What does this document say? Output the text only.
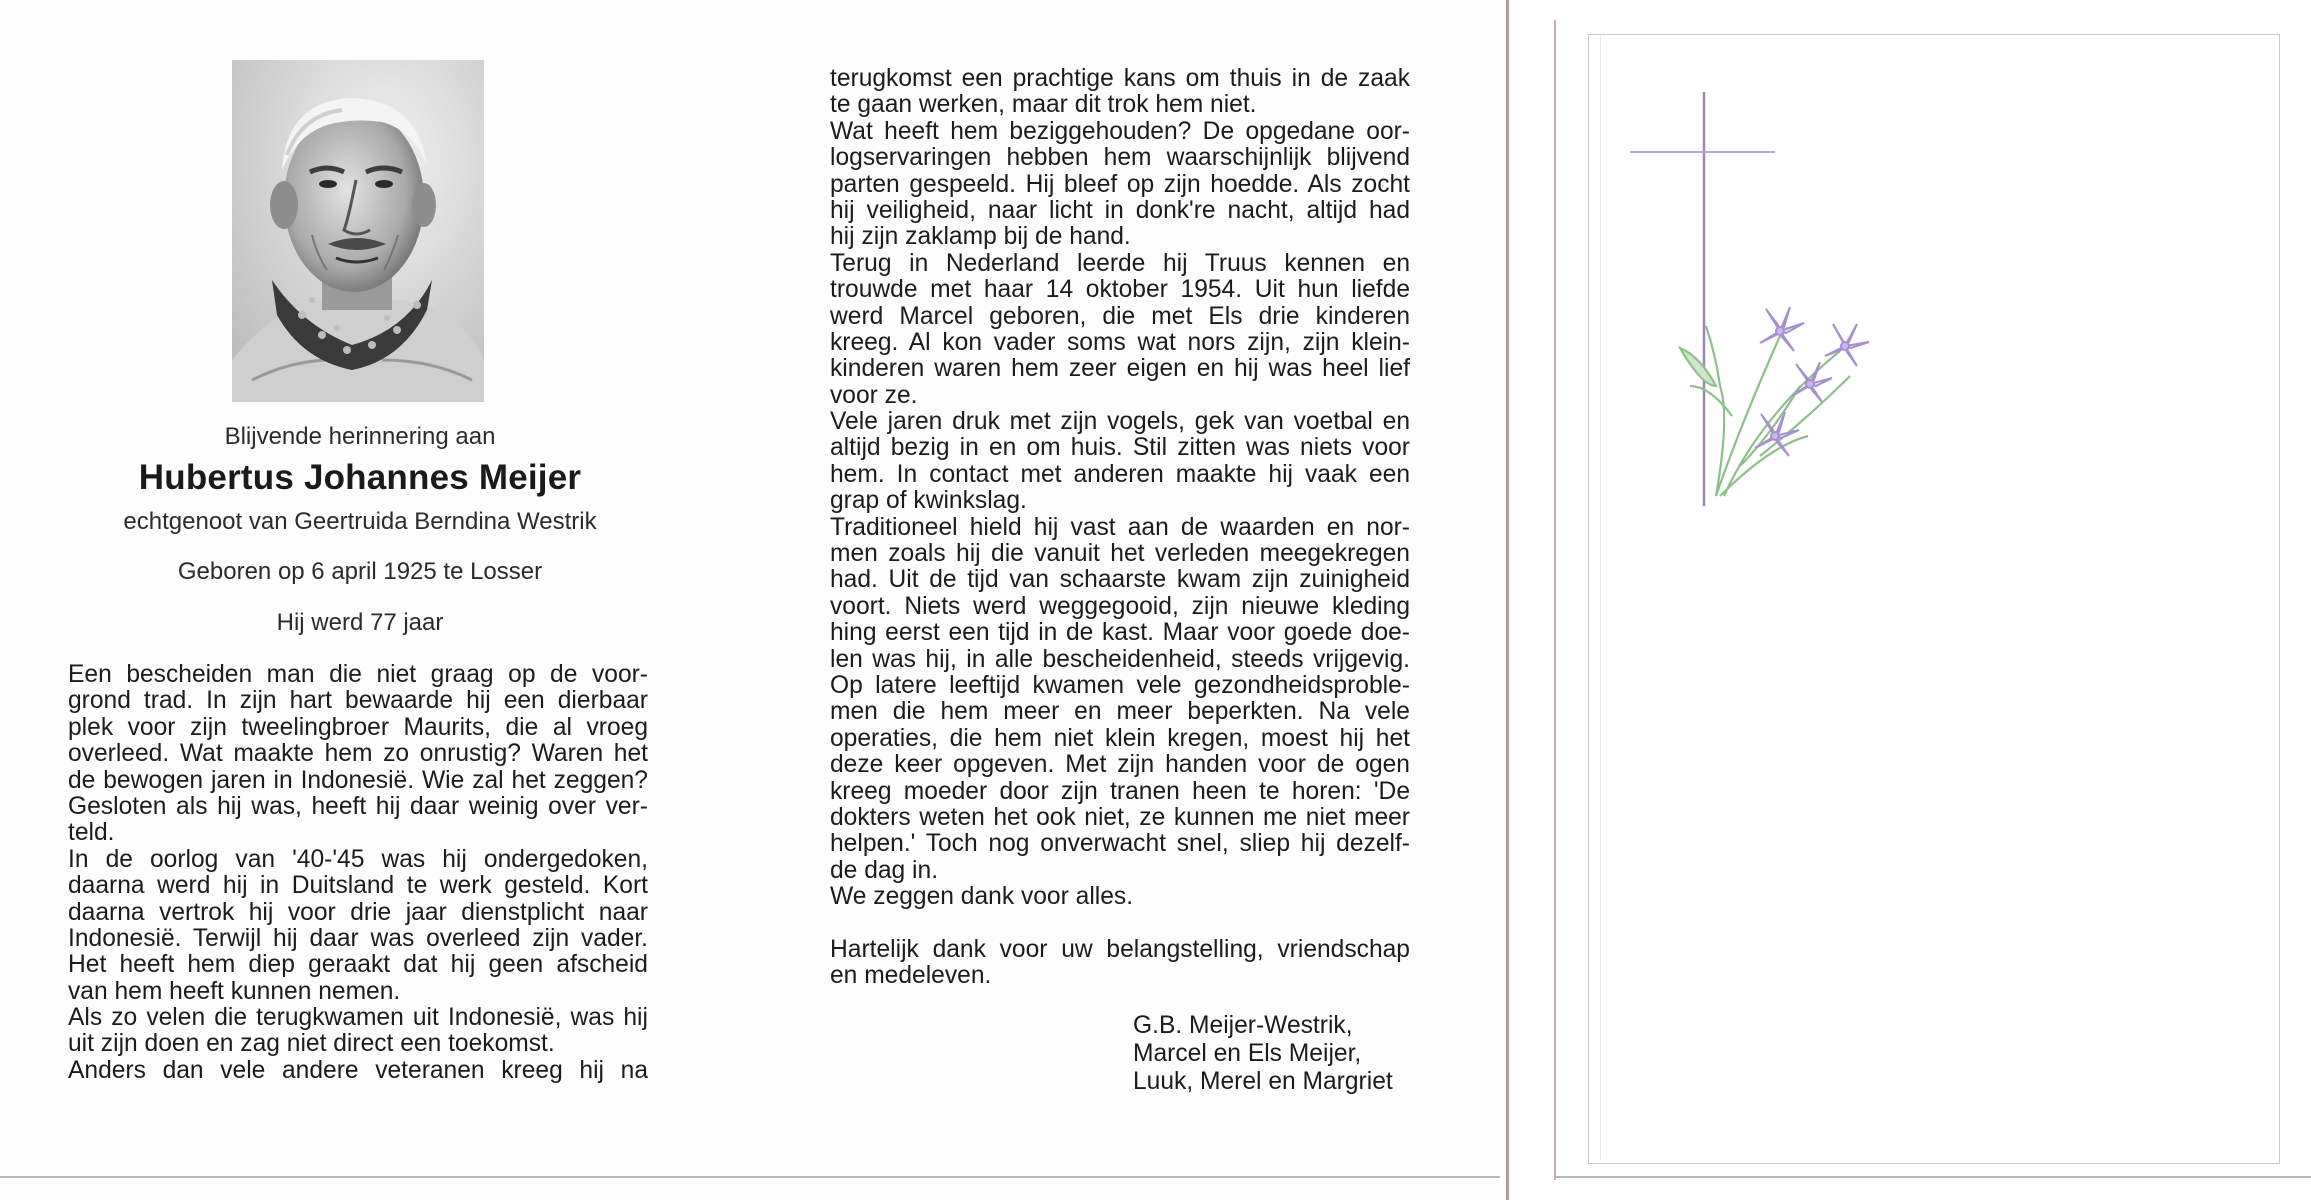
Blijvende herinnering aan
Hubertus Johannes Meijer
echtgenoot van Geertruida Berndina Westrik
Geboren op 6 april 1925 te Losser
Hij werd 77 jaar
Een bescheiden man die niet graag op de voor-
grond trad. In zijn hart bewaarde hij een dierbaar
plek voor zijn tweelingbroer Maurits, die al vroeg
overleed. Wat maakte hem zo onrustig? Waren het
de bewogen jaren in Indonesië. Wie zal het zeggen?
Gesloten als hij was, heeft hij daar weinig over ver-
teld.
In de oorlog van '40-'45 was hij ondergedoken,
daarna werd hij in Duitsland te werk gesteld. Kort
daarna vertrok hij voor drie jaar dienstplicht naar
Indonesië. Terwijl hij daar was overleed zijn vader.
Het heeft hem diep geraakt dat hij geen afscheid
van hem heeft kunnen nemen.
Als zo velen die terugkwamen uit Indonesië, was hij
uit zijn doen en zag niet direct een toekomst.
Anders dan vele andere veteranen kreeg hij na
terugkomst een prachtige kans om thuis in de zaak
te gaan werken, maar dit trok hem niet.
Wat heeft hem beziggehouden? De opgedane oor-
logservaringen hebben hem waarschijnlijk blijvend
parten gespeeld. Hij bleef op zijn hoedde. Als zocht
hij veiligheid, naar licht in donk're nacht, altijd had
hij zijn zaklamp bij de hand.
Terug in Nederland leerde hij Truus kennen en
trouwde met haar 14 oktober 1954. Uit hun liefde
werd Marcel geboren, die met Els drie kinderen
kreeg. Al kon vader soms wat nors zijn, zijn klein-
kinderen waren hem zeer eigen en hij was heel lief
voor ze.
Vele jaren druk met zijn vogels, gek van voetbal en
altijd bezig in en om huis. Stil zitten was niets voor
hem. In contact met anderen maakte hij vaak een
grap of kwinkslag.
Traditioneel hield hij vast aan de waarden en nor-
men zoals hij die vanuit het verleden meegekregen
had. Uit de tijd van schaarste kwam zijn zuinigheid
voort. Niets werd weggegooid, zijn nieuwe kleding
hing eerst een tijd in de kast. Maar voor goede doe-
len was hij, in alle bescheidenheid, steeds vrijgevig.
Op latere leeftijd kwamen vele gezondheidsproble-
men die hem meer en meer beperkten. Na vele
operaties, die hem niet klein kregen, moest hij het
deze keer opgeven. Met zijn handen voor de ogen
kreeg moeder door zijn tranen heen te horen: 'De
dokters weten het ook niet, ze kunnen me niet meer
helpen.' Toch nog onverwacht snel, sliep hij dezelf-
de dag in.
We zeggen dank voor alles.
Hartelijk dank voor uw belangstelling, vriendschap
en medeleven.
G.B. Meijer-Westrik,
Marcel en Els Meijer,
Luuk, Merel en Margriet
